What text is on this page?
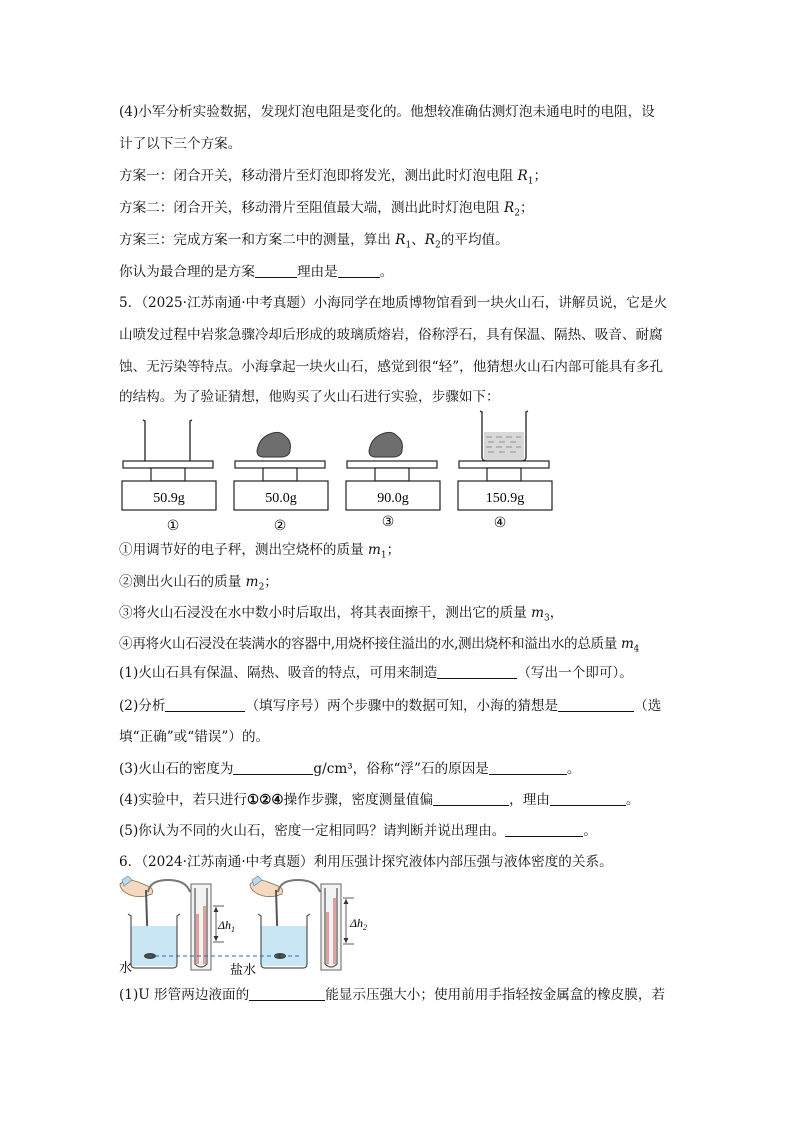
(4)小军分析实验数据，发现灯泡电阻是变化的。他想较准确估测灯泡未通电时的电阻，设
计了以下三个方案。
方案一：闭合开关，移动滑片至灯泡即将发光，测出此时灯泡电阻 $R_1$；
方案二：闭合开关，移动滑片至阻值最大端，测出此时灯泡电阻 $R_2$；
方案三：完成方案一和方案二中的测量，算出 $R_1$、$R_2$的平均值。
你认为最合理的是方案	理由是	。
5．（2025·江苏南通·中考真题）小海同学在地质博物馆看到一块火山石，讲解员说，它是火
山喷发过程中岩浆急骤冷却后形成的玻璃质熔岩，俗称浮石，具有保温、隔热、吸音、耐腐
蚀、无污染等特点。小海拿起一块火山石，感觉到很“轻”，他猜想火山石内部可能具有多孔
的结构。为了验证猜想，他购买了火山石进行实验，步骤如下：
50.9g
①
50.0g
②
90.0g
③
150.9g
④
①用调节好的电子秤，测出空烧杯的质量 $m_1$；
②测出火山石的质量 $m_2$；
③将火山石浸没在水中数小时后取出，将其表面擦干，测出它的质量 $m_3$，
④再将火山石浸没在装满水的容器中,用烧杯接住溢出的水,测出烧杯和溢出水的总质量 $m_4$
(1)火山石具有保温、隔热、吸音的特点，可用来制造	（写出一个即可）。
(2)分析	（填写序号）两个步骤中的数据可知，小海的猜想是	（选
填“正确”或“错误”）的。
(3)火山石的密度为	g/cm³，俗称“浮”石的原因是	。
(4)实验中，若只进行①②④操作步骤，密度测量值偏	，理由	。
(5)你认为不同的火山石，密度一定相同吗？请判断并说出理由。	。
6．（2024·江苏南通·中考真题）利用压强计探究液体内部压强与液体密度的关系。
$\Delta h_1$
水
$\Delta h_2$
盐水
(1)U 形管两边液面的	能显示压强大小；使用前用手指轻按金属盒的橡皮膜，若
